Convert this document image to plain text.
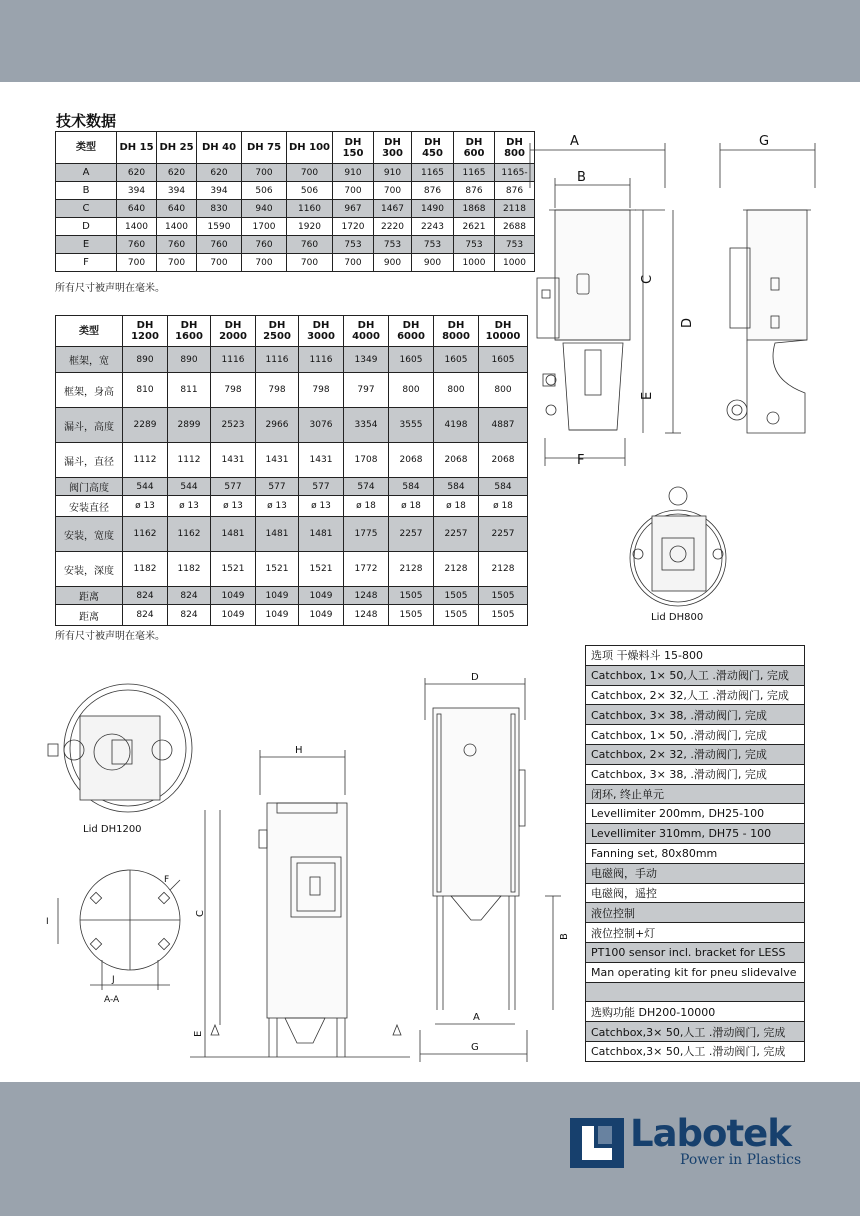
技术数据
类型	DH 15	DH 25	DH 40	DH 75	DH 100	DH 150	DH 300	DH 450	DH 600	DH 800
A	620	620	620	700	700	910	910	1165	1165	1165-
B	394	394	394	506	506	700	700	876	876	876
C	640	640	830	940	1160	967	1467	1490	1868	2118
D	1400	1400	1590	1700	1920	1720	2220	2243	2621	2688
E	760	760	760	760	760	753	753	753	753	753
F	700	700	700	700	700	700	900	900	1000	1000
所有尺寸被声明在毫米。
类型	DH 1200	DH 1600	DH 2000	DH 2500	DH 3000	DH 4000	DH 6000	DH 8000	DH 10000
框架，宽	890	890	1116	1116	1116	1349	1605	1605	1605
框架，身高	810	811	798	798	798	797	800	800	800
漏斗，高度	2289	2899	2523	2966	3076	3354	3555	4198	4887
漏斗，直径	1112	1112	1431	1431	1431	1708	2068	2068	2068
阀门高度	544	544	577	577	577	574	584	584	584
安装直径	ø 13	ø 13	ø 13	ø 13	ø 13	ø 18	ø 18	ø 18	ø 18
安装，宽度	1162	1162	1481	1481	1481	1775	2257	2257	2257
安装，深度	1182	1182	1521	1521	1521	1772	2128	2128	2128
距离	824	824	1049	1049	1049	1248	1505	1505	1505
距离	824	824	1049	1049	1049	1248	1505	1505	1505
所有尺寸被声明在毫米。
选项 干燥料斗 15-800
Catchbox, 1× 50,人工 .滑动阀门, 完成
Catchbox, 2× 32,人工 .滑动阀门, 完成
Catchbox, 3× 38, .滑动阀门, 完成
Catchbox, 1× 50, .滑动阀门, 完成
Catchbox, 2× 32, .滑动阀门, 完成
Catchbox, 3× 38, .滑动阀门, 完成
闭环, 终止单元
Levellimiter 200mm, DH25-100
Levellimiter 310mm, DH75 - 100
Fanning set, 80x80mm
电磁阀，手动
电磁阀，遥控
液位控制
液位控制+灯
PT100 sensor incl. bracket for LESS
Man operating kit for pneu slidevalve

选购功能 DH200-10000
Catchbox,3× 50,人工 .滑动阀门, 完成
Catchbox,3× 50,人工 .滑动阀门, 完成
A
B
C
D
E
F
G
Lid DH800
Lid DH1200
I
J
A-A
F
H
C
E
D
B
A
G
Labotek
Power in Plastics
